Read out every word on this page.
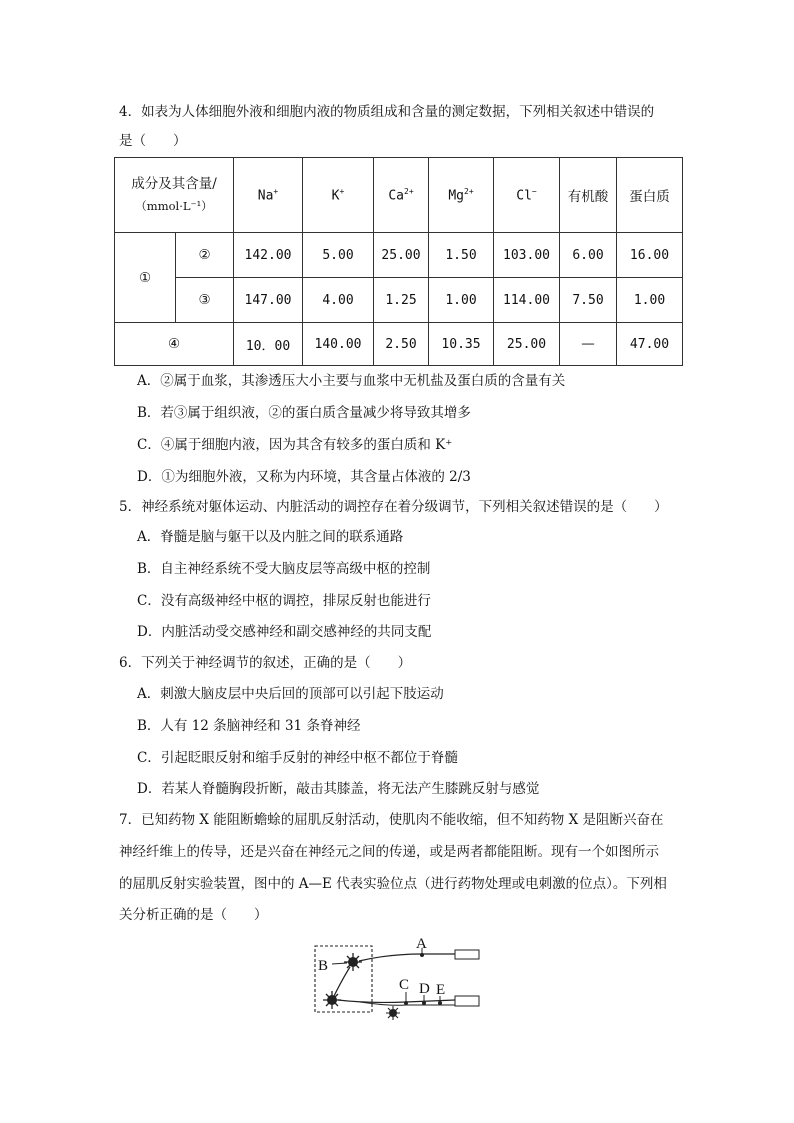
4．如表为人体细胞外液和细胞内液的物质组成和含量的测定数据，下列相关叙述中错误的
是（　　）
成分及其含量/
（mmol·L⁻¹）		Na+	K+	$Ca^{2+}$	$Mg^{2+}$	Cl−	有机酸	蛋白质
①	②	142.00	5.00	25.00	1.50	103.00	6.00	16.00
	③	147.00	4.00	1.25	1.00	114.00	7.50	1.00
④		10．00	140.00	2.50	10.35	25.00	—	47.00
A．②属于血浆，其渗透压大小主要与血浆中无机盐及蛋白质的含量有关
B．若③属于组织液，②的蛋白质含量减少将导致其增多
C．④属于细胞内液，因为其含有较多的蛋白质和 K⁺
D．①为细胞外液，又称为内环境，其含量占体液的 2/3
5．神经系统对躯体运动、内脏活动的调控存在着分级调节，下列相关叙述错误的是（　　）
A．脊髓是脑与躯干以及内脏之间的联系通路
B．自主神经系统不受大脑皮层等高级中枢的控制
C．没有高级神经中枢的调控，排尿反射也能进行
D．内脏活动受交感神经和副交感神经的共同支配
6．下列关于神经调节的叙述，正确的是（　　）
A．刺激大脑皮层中央后回的顶部可以引起下肢运动
B．人有 12 条脑神经和 31 条脊神经
C．引起眨眼反射和缩手反射的神经中枢不都位于脊髓
D．若某人脊髓胸段折断，敲击其膝盖，将无法产生膝跳反射与感觉
7．已知药物 X 能阻断蟾蜍的屈肌反射活动，使肌肉不能收缩，但不知药物 X 是阻断兴奋在
神经纤维上的传导，还是兴奋在神经元之间的传递，或是两者都能阻断。现有一个如图所示
的屈肌反射实验装置，图中的 A—E 代表实验位点（进行药物处理或电刺激的位点）。下列相
关分析正确的是（　　）
B
A
C D E
